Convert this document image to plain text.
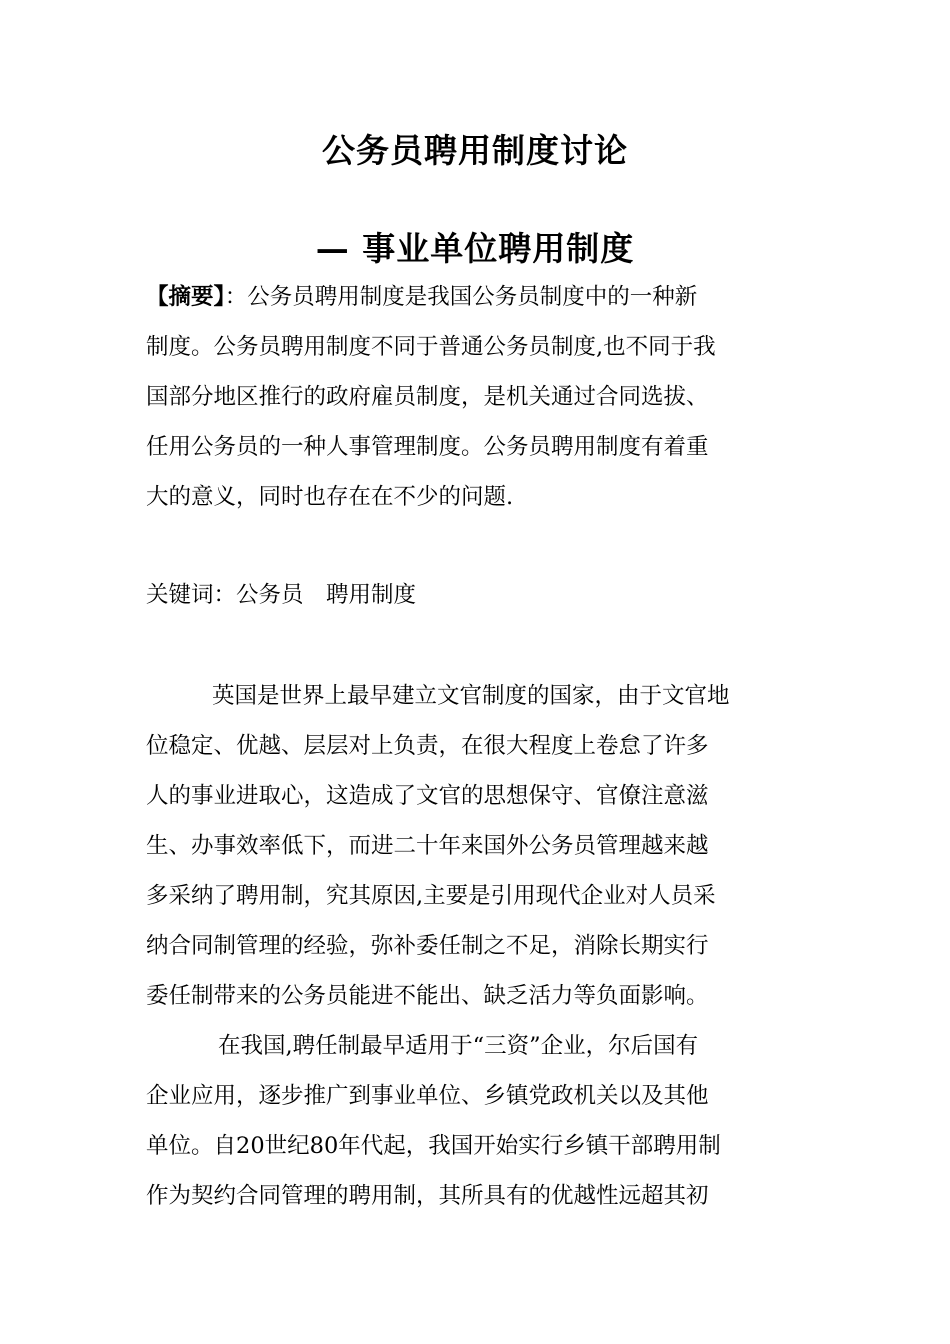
公务员聘用制度讨论
— 事业单位聘用制度
【摘要】：公务员聘用制度是我国公务员制度中的一种新
制度。公务员聘用制度不同于普通公务员制度,也不同于我
国部分地区推行的政府雇员制度，是机关通过合同选拔、
任用公务员的一种人事管理制度。公务员聘用制度有着重
大的意义，同时也存在在不少的问题.
关键词：公务员　聘用制度
英国是世界上最早建立文官制度的国家，由于文官地
位稳定、优越、层层对上负责，在很大程度上卷怠了许多
人的事业进取心，这造成了文官的思想保守、官僚注意滋
生、办事效率低下，而进二十年来国外公务员管理越来越
多采纳了聘用制，究其原因,主要是引用现代企业对人员采
纳合同制管理的经验，弥补委任制之不足，消除长期实行
委任制带来的公务员能进不能出、缺乏活力等负面影响。
在我国,聘任制最早适用于“三资”企业，尔后国有
企业应用，逐步推广到事业单位、乡镇党政机关以及其他
单位。自20世纪80年代起，我国开始实行乡镇干部聘用制
作为契约合同管理的聘用制，其所具有的优越性远超其初
